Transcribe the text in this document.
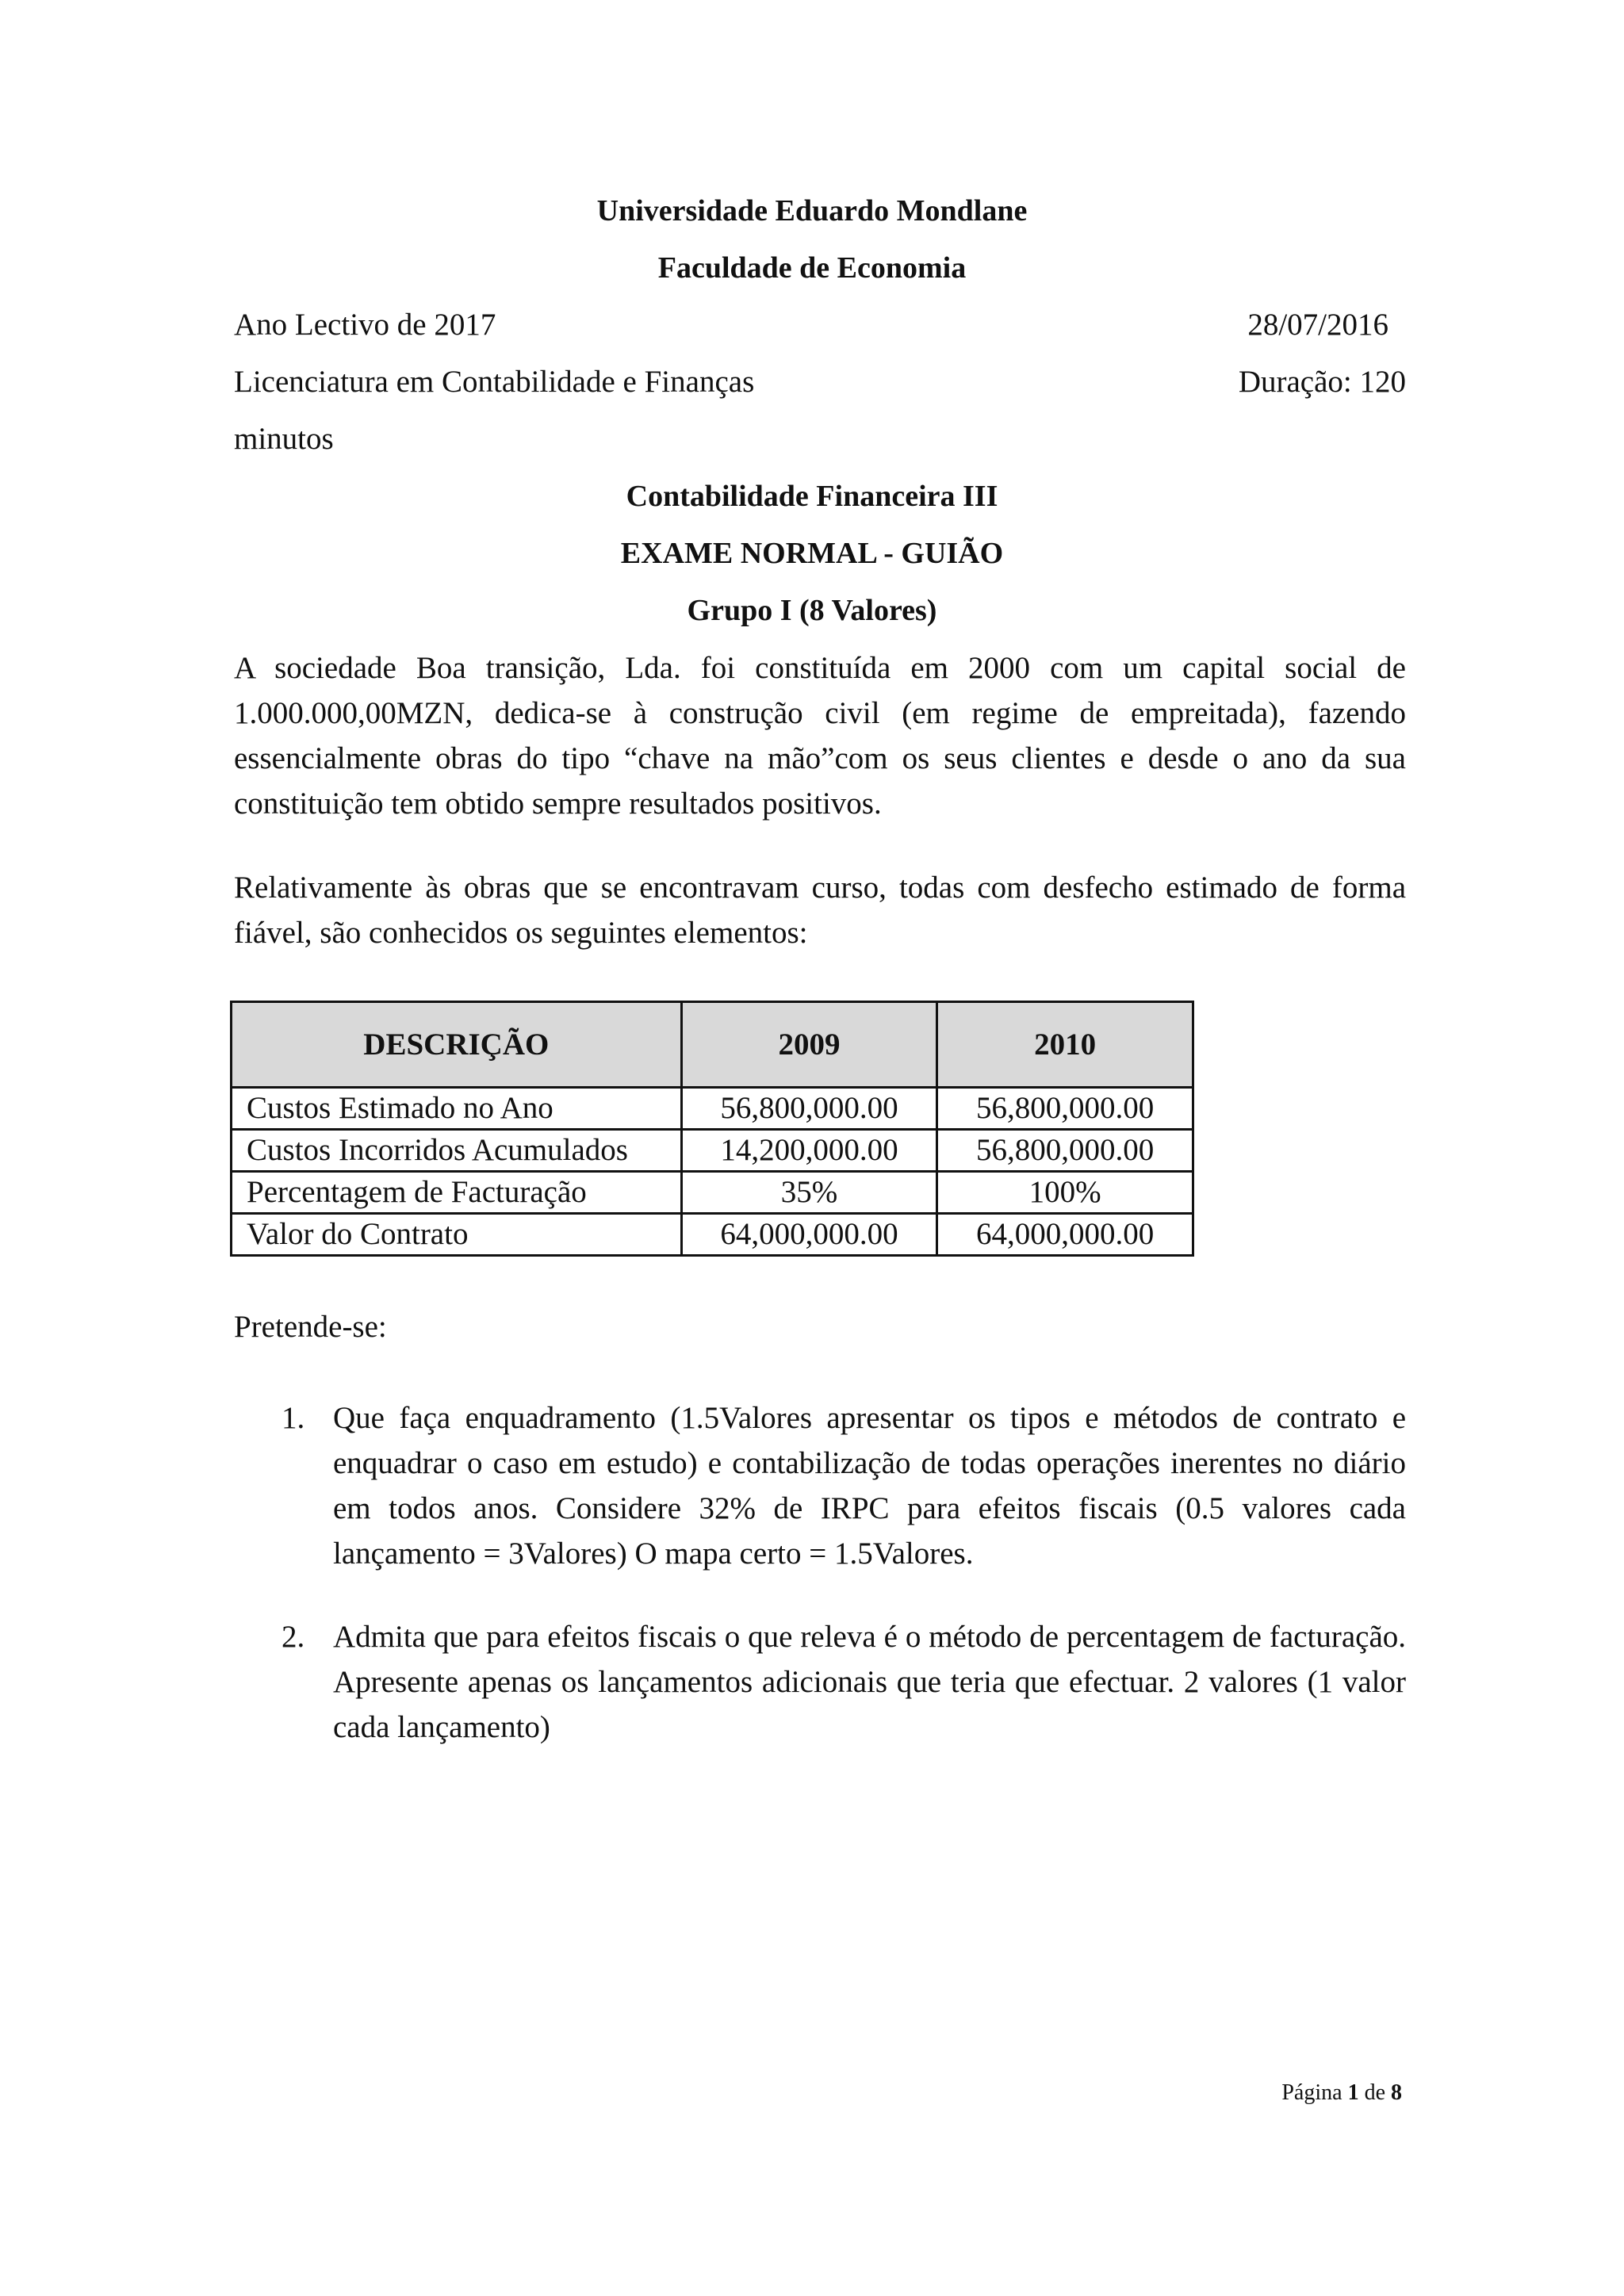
Universidade Eduardo Mondlane
Faculdade de Economia
Ano Lectivo de 2017	28/07/2016
Licenciatura em Contabilidade e Finanças	Duração: 120
minutos
Contabilidade Financeira III
EXAME NORMAL - GUIÃO
Grupo I (8 Valores)
A sociedade Boa transição, Lda. foi constituída em 2000 com um capital social de 1.000.000,00MZN, dedica-se à construção civil (em regime de empreitada), fazendo essencialmente obras do tipo “chave na mão”com os seus clientes e desde o ano da sua constituição tem obtido sempre resultados positivos.
Relativamente às obras que se encontravam curso, todas com desfecho estimado de forma fiável, são conhecidos os seguintes elementos:
DESCRIÇÃO	2009	2010
Custos Estimado no Ano	56,800,000.00	56,800,000.00
Custos Incorridos Acumulados	14,200,000.00	56,800,000.00
Percentagem de Facturação	35%	100%
Valor do Contrato	64,000,000.00	64,000,000.00
Pretende-se:
1. Que faça enquadramento (1.5Valores apresentar os tipos e métodos de contrato e enquadrar o caso em estudo) e contabilização de todas operações inerentes no diário em todos anos. Considere 32% de IRPC para efeitos fiscais (0.5 valores cada lançamento = 3Valores) O mapa certo = 1.5Valores.
2. Admita que para efeitos fiscais o que releva é o método de percentagem de facturação. Apresente apenas os lançamentos adicionais que teria que efectuar. 2 valores (1 valor cada lançamento)
Página 1 de 8
